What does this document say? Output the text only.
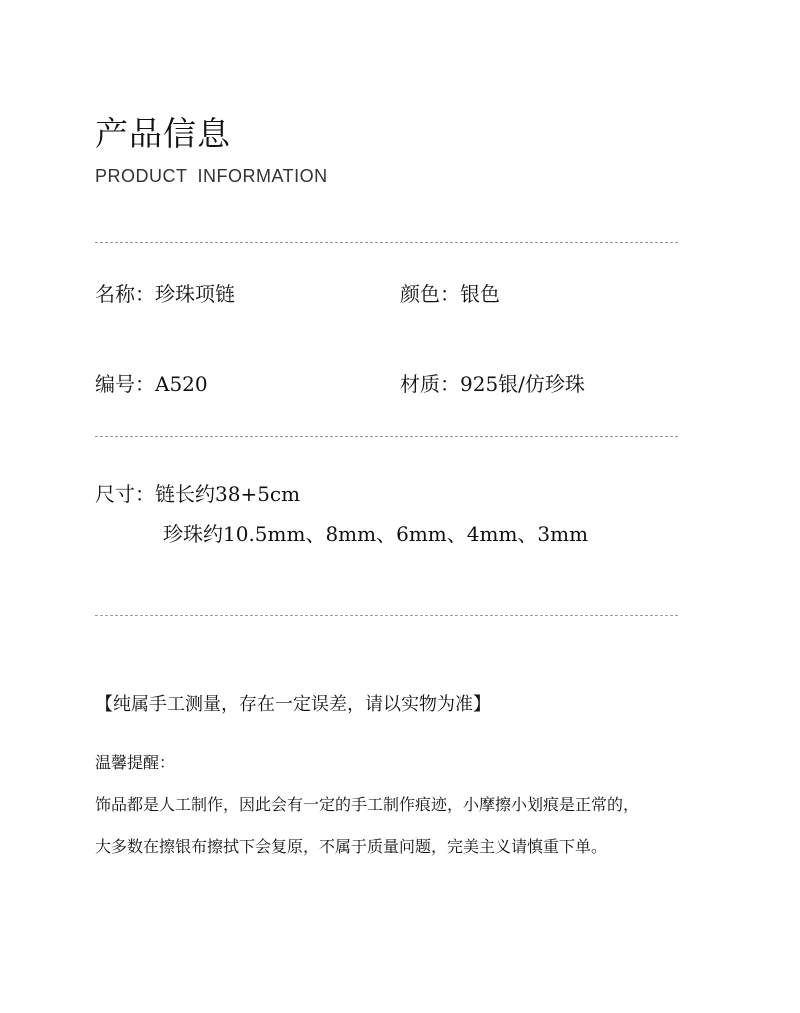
产品信息
PRODUCT INFORMATION
名称：珍珠项链	颜色：银色
编号：A520	材质：925银/仿珍珠
尺寸：链长约38+5cm
珍珠约10.5mm、8mm、6mm、4mm、3mm
【纯属手工测量，存在一定误差，请以实物为准】
温馨提醒：
饰品都是人工制作，因此会有一定的手工制作痕迹，小摩擦小划痕是正常的，
大多数在擦银布擦拭下会复原，不属于质量问题，完美主义请慎重下单。
